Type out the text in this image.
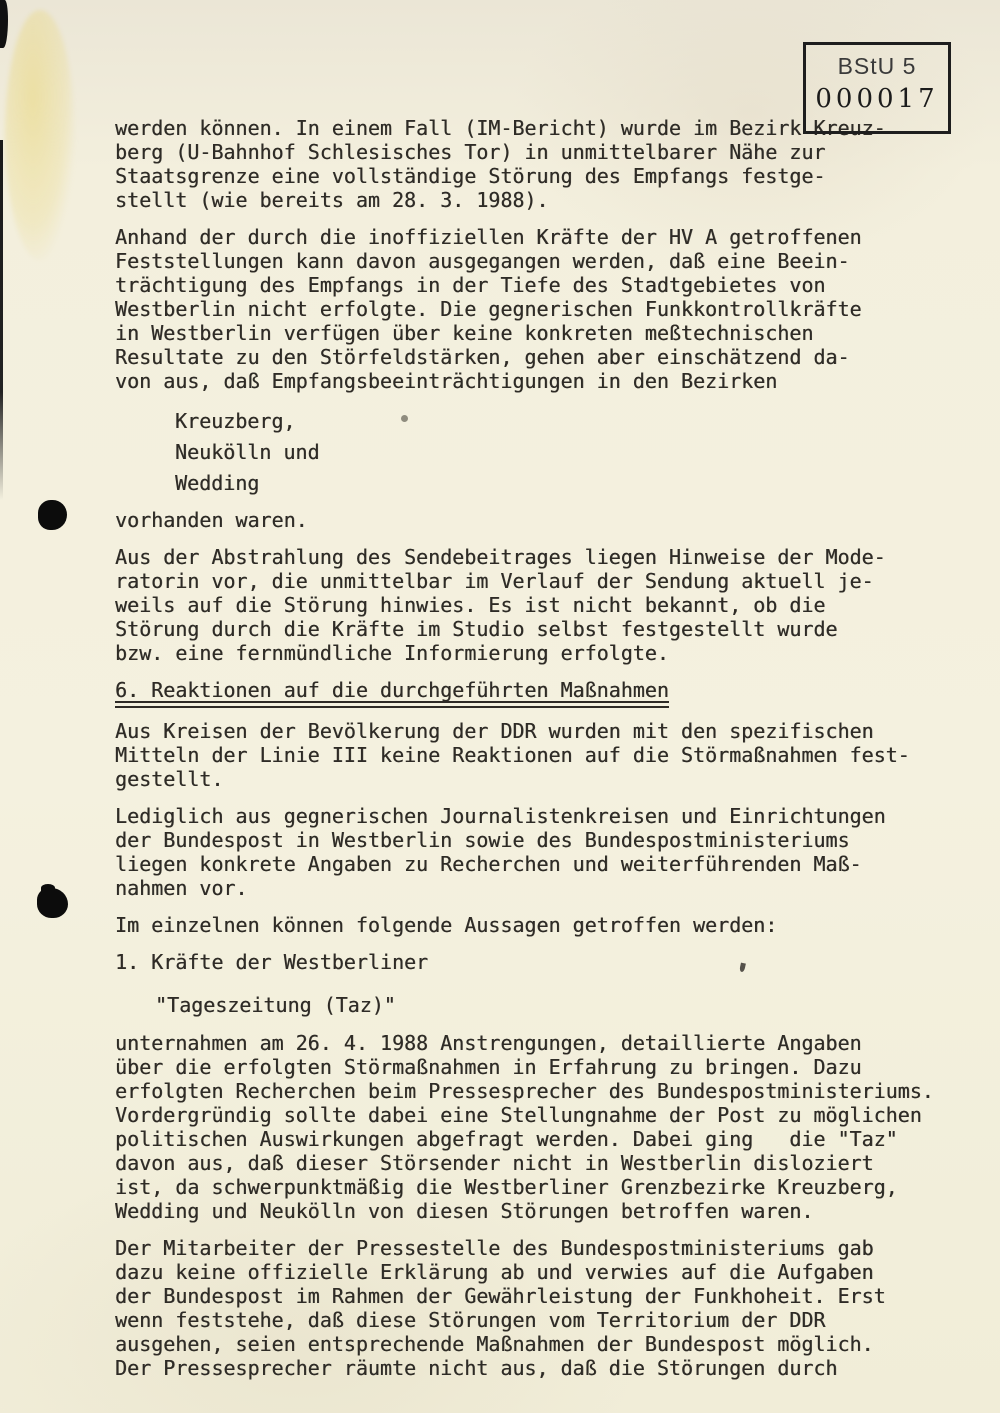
BStU 5
000017
werden können. In einem Fall (IM-Bericht) wurde im Bezirk Kreuz-
berg (U-Bahnhof Schlesisches Tor) in unmittelbarer Nähe zur
Staatsgrenze eine vollständige Störung des Empfangs festge-
stellt (wie bereits am 28. 3. 1988).
Anhand der durch die inoffiziellen Kräfte der HV A getroffenen
Feststellungen kann davon ausgegangen werden, daß eine Beein-
trächtigung des Empfangs in der Tiefe des Stadtgebietes von
Westberlin nicht erfolgte. Die gegnerischen Funkkontrollkräfte
in Westberlin verfügen über keine konkreten meßtechnischen
Resultate zu den Störfeldstärken, gehen aber einschätzend da-
von aus, daß Empfangsbeeinträchtigungen in den Bezirken
Kreuzberg,
Neukölln und
Wedding
vorhanden waren.
Aus der Abstrahlung des Sendebeitrages liegen Hinweise der Mode-
ratorin vor, die unmittelbar im Verlauf der Sendung aktuell je-
weils auf die Störung hinwies. Es ist nicht bekannt, ob die
Störung durch die Kräfte im Studio selbst festgestellt wurde
bzw. eine fernmündliche Informierung erfolgte.
6. Reaktionen auf die durchgeführten Maßnahmen
Aus Kreisen der Bevölkerung der DDR wurden mit den spezifischen
Mitteln der Linie III keine Reaktionen auf die Störmaßnahmen fest-
gestellt.
Lediglich aus gegnerischen Journalistenkreisen und Einrichtungen
der Bundespost in Westberlin sowie des Bundespostministeriums
liegen konkrete Angaben zu Recherchen und weiterführenden Maß-
nahmen vor.
Im einzelnen können folgende Aussagen getroffen werden:
1. Kräfte der Westberliner
"Tageszeitung (Taz)"
unternahmen am 26. 4. 1988 Anstrengungen, detaillierte Angaben
über die erfolgten Störmaßnahmen in Erfahrung zu bringen. Dazu
erfolgten Recherchen beim Pressesprecher des Bundespostministeriums.
Vordergründig sollte dabei eine Stellungnahme der Post zu möglichen
politischen Auswirkungen abgefragt werden. Dabei ging   die "Taz"
davon aus, daß dieser Störsender nicht in Westberlin disloziert
ist, da schwerpunktmäßig die Westberliner Grenzbezirke Kreuzberg,
Wedding und Neukölln von diesen Störungen betroffen waren.
Der Mitarbeiter der Pressestelle des Bundespostministeriums gab
dazu keine offizielle Erklärung ab und verwies auf die Aufgaben
der Bundespost im Rahmen der Gewährleistung der Funkhoheit. Erst
wenn feststehe, daß diese Störungen vom Territorium der DDR
ausgehen, seien entsprechende Maßnahmen der Bundespost möglich.
Der Pressesprecher räumte nicht aus, daß die Störungen durch
